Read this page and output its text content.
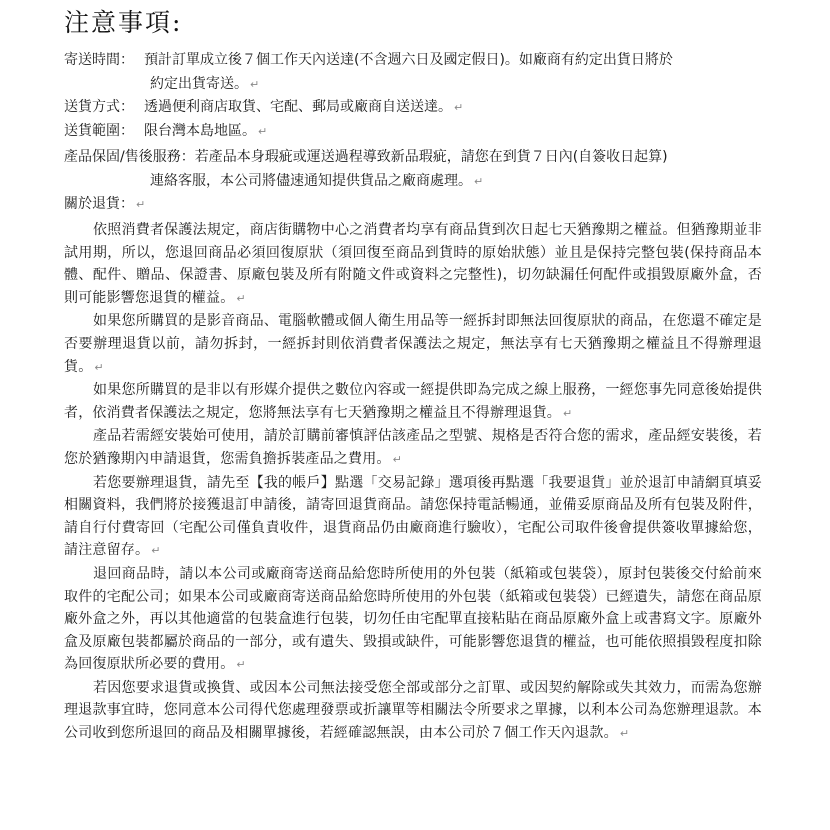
注意事項:
寄送時間： 預計訂單成立後７個工作天內送達(不含週六日及國定假日)。如廠商有約定出貨日將於
約定出貨寄送。 ↵
送貨方式： 透過便利商店取貨、宅配、郵局或廠商自送送達。 ↵
送貨範圍： 限台灣本島地區。 ↵
產品保固/售後服務：若產品本身瑕疵或運送過程導致新品瑕疵，請您在到貨７日內(自簽收日起算)
連絡客服，本公司將儘速通知提供貨品之廠商處理。 ↵
關於退貨： ↵

依照消費者保護法規定，商店街購物中心之消費者均享有商品貨到次日起七天猶豫期之權益。但猶豫期並非試用期，所以，您退回商品必須回復原狀（須回復至商品到貨時的原始狀態）並且是保持完整包裝(保持商品本體、配件、贈品、保證書、原廠包裝及所有附隨文件或資料之完整性)，切勿缺漏任何配件或損毀原廠外盒，否則可能影響您退貨的權益。 ↵

如果您所購買的是影音商品、電腦軟體或個人衛生用品等一經拆封即無法回復原狀的商品，在您還不確定是否要辦理退貨以前，請勿拆封，一經拆封則依消費者保護法之規定，無法享有七天猶豫期之權益且不得辦理退貨。 ↵

如果您所購買的是非以有形媒介提供之數位內容或一經提供即為完成之線上服務，一經您事先同意後始提供者，依消費者保護法之規定，您將無法享有七天猶豫期之權益且不得辦理退貨。 ↵

產品若需經安裝始可使用，請於訂購前審慎評估該產品之型號、規格是否符合您的需求，產品經安裝後，若您於猶豫期內申請退貨，您需負擔拆裝產品之費用。 ↵

若您要辦理退貨，請先至【我的帳戶】點選「交易記錄」選項後再點選「我要退貨」並於退訂申請網頁填妥相關資料，我們將於接獲退訂申請後，請寄回退貨商品。請您保持電話暢通，並備妥原商品及所有包裝及附件，請自行付費寄回（宅配公司僅負責收件，退貨商品仍由廠商進行驗收），宅配公司取件後會提供簽收單據給您，請注意留存。 ↵

退回商品時，請以本公司或廠商寄送商品給您時所使用的外包裝（紙箱或包裝袋），原封包裝後交付給前來取件的宅配公司；如果本公司或廠商寄送商品給您時所使用的外包裝（紙箱或包裝袋）已經遺失，請您在商品原廠外盒之外，再以其他適當的包裝盒進行包裝，切勿任由宅配單直接粘貼在商品原廠外盒上或書寫文字。原廠外盒及原廠包裝都屬於商品的一部分，或有遺失、毀損或缺件，可能影響您退貨的權益，也可能依照損毀程度扣除為回復原狀所必要的費用。 ↵

若因您要求退貨或換貨、或因本公司無法接受您全部或部分之訂單、或因契約解除或失其效力，而需為您辦理退款事宜時，您同意本公司得代您處理發票或折讓單等相關法令所要求之單據，以利本公司為您辦理退款。本公司收到您所退回的商品及相關單據後，若經確認無誤，由本公司於７個工作天內退款。 ↵
